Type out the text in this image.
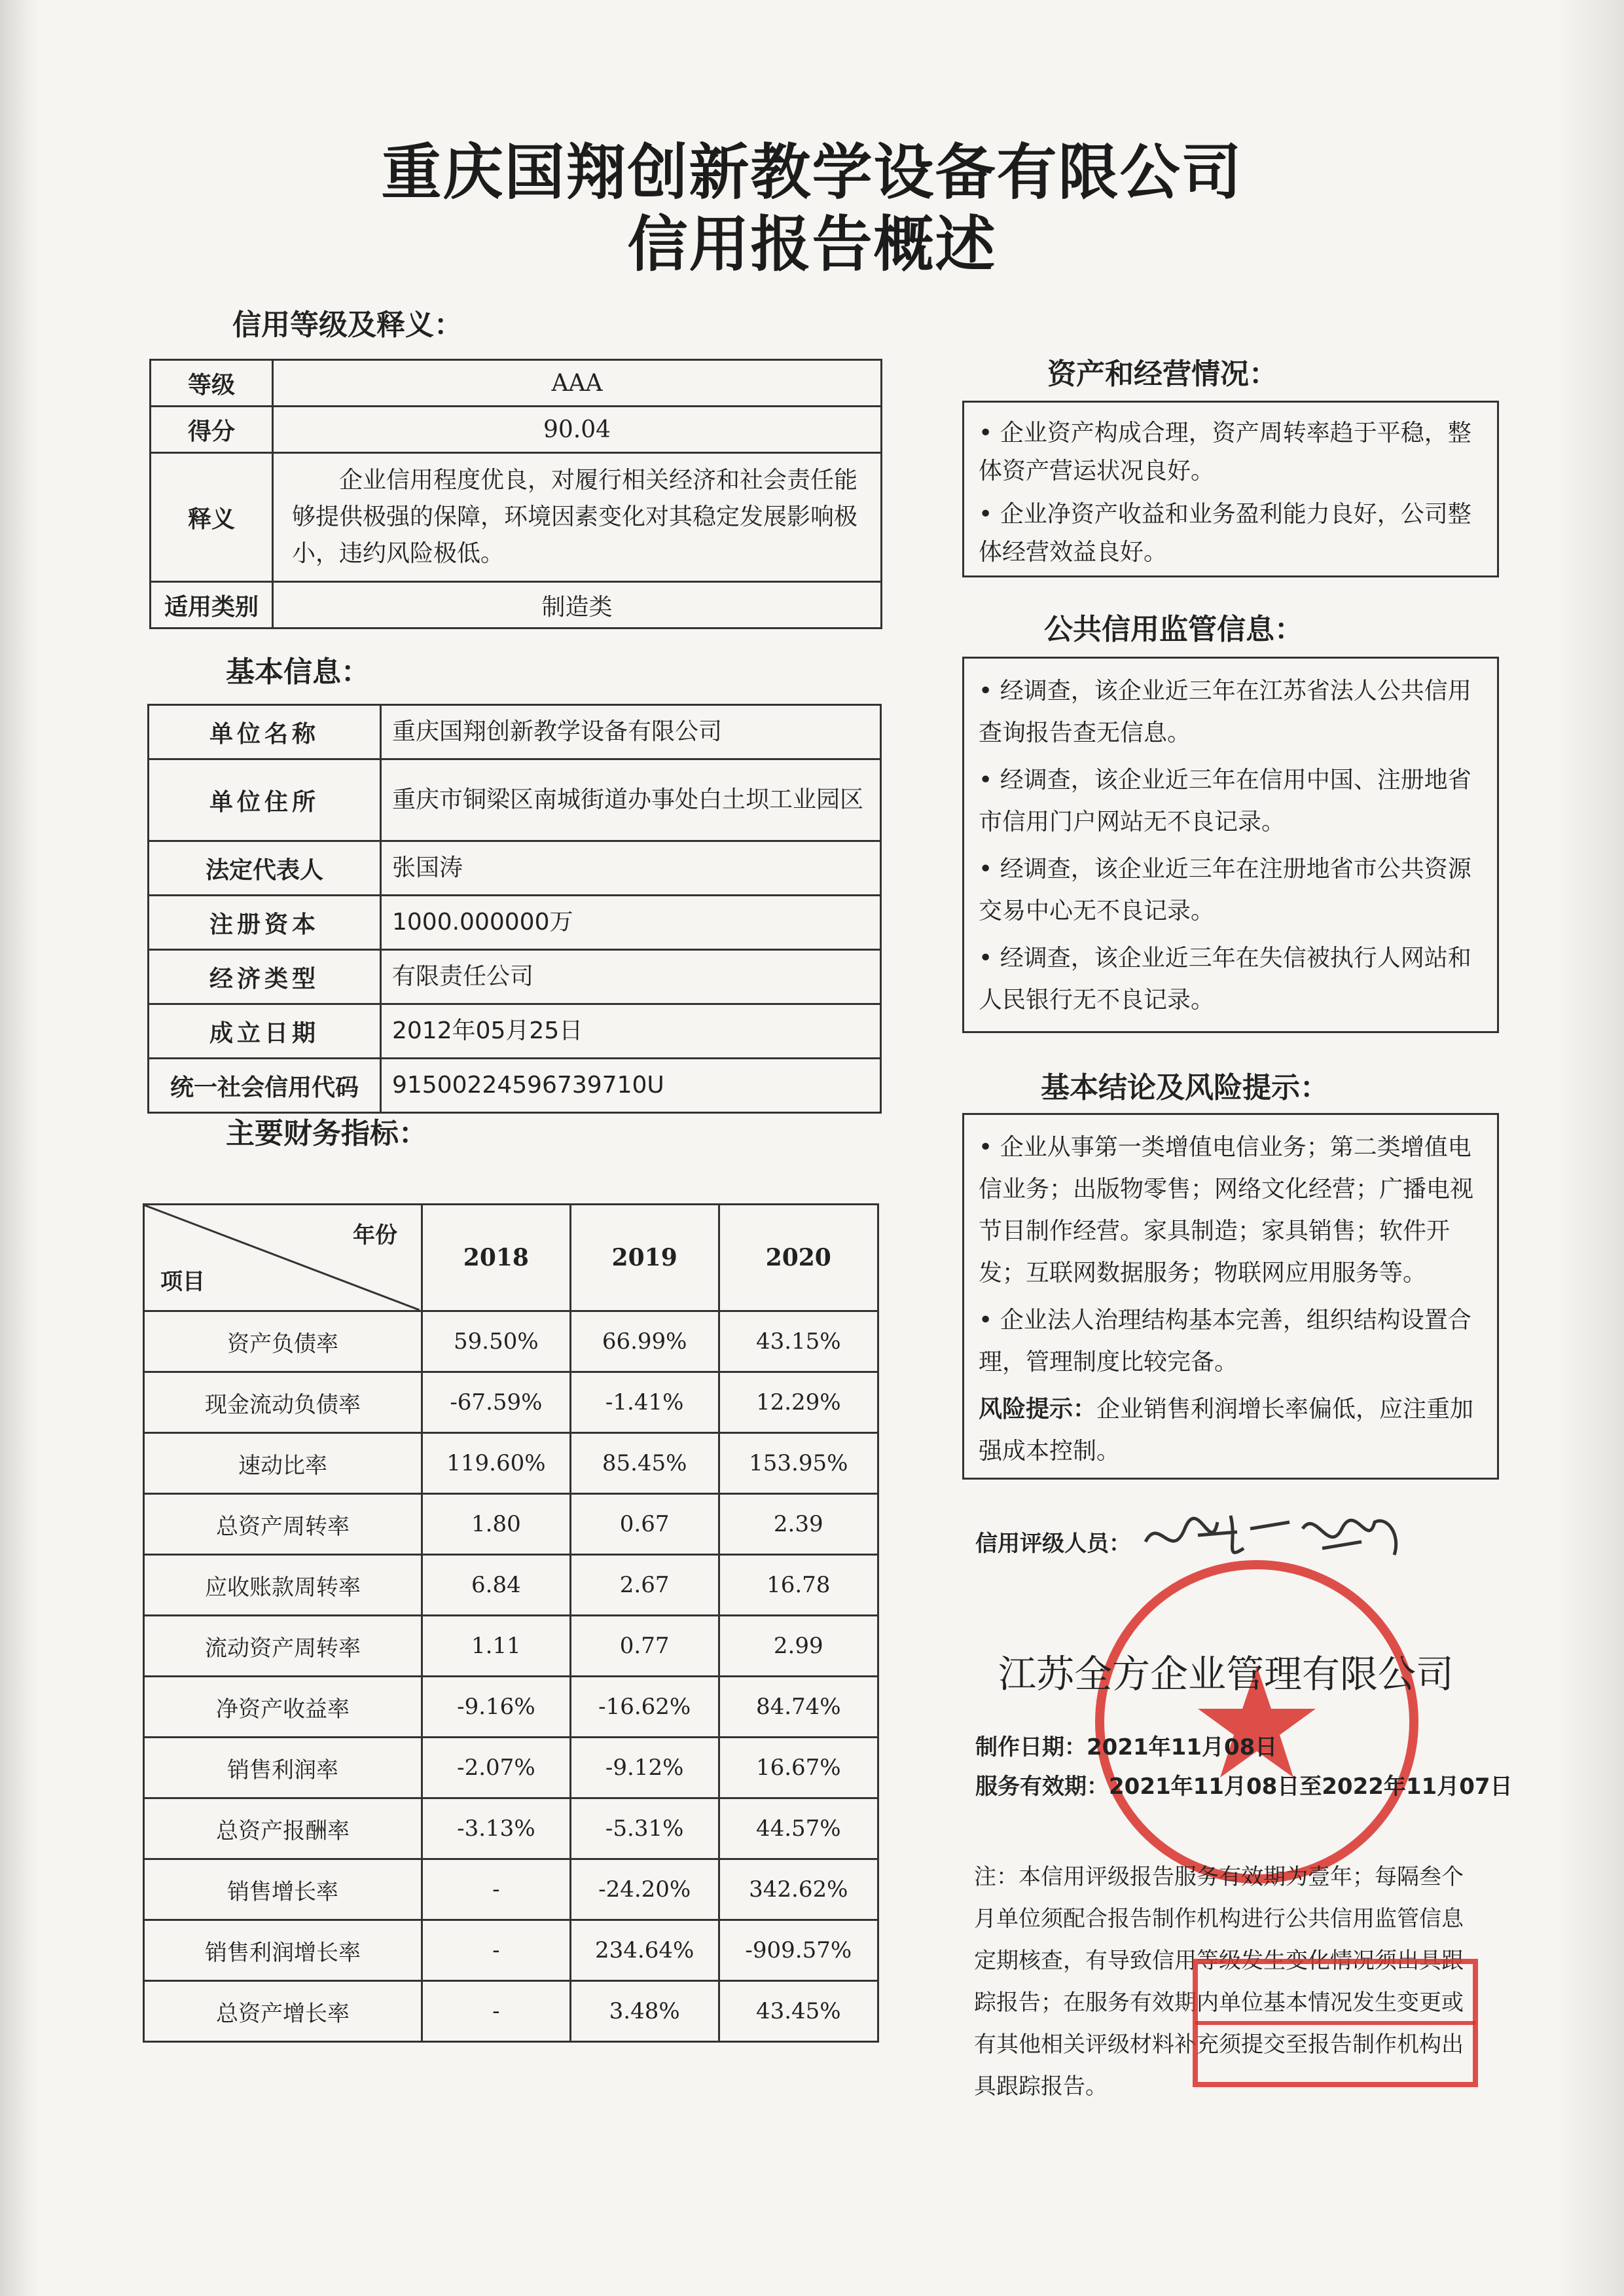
重庆国翔创新教学设备有限公司
信用报告概述
信用等级及释义：
等级	AAA
得分	90.04
释义	企业信用程度优良，对履行相关经济和社会责任能够提供极强的保障，环境因素变化对其稳定发展影响极小，违约风险极低。
适用类别	制造类
基本信息：
单位名称	重庆国翔创新教学设备有限公司
单位住所	重庆市铜梁区南城街道办事处白土坝工业园区
法定代表人	张国涛
注册资本	1000.000000万
经济类型	有限责任公司
成立日期	2012年05月25日
统一社会信用代码	91500224596739710U
主要财务指标：
年份
项目	2018	2019	2020
资产负债率	59.50%	66.99%	43.15%
现金流动负债率	-67.59%	-1.41%	12.29%
速动比率	119.60%	85.45%	153.95%
总资产周转率	1.80	0.67	2.39
应收账款周转率	6.84	2.67	16.78
流动资产周转率	1.11	0.77	2.99
净资产收益率	-9.16%	-16.62%	84.74%
销售利润率	-2.07%	-9.12%	16.67%
总资产报酬率	-3.13%	-5.31%	44.57%
销售增长率	-	-24.20%	342.62%
销售利润增长率	-	234.64%	-909.57%
总资产增长率	-	3.48%	43.45%
资产和经营情况：

• 企业资产构成合理，资产周转率趋于平稳，整体资产营运状况良好。

• 企业净资产收益和业务盈利能力良好，公司整体经营效益良好。

公共信用监管信息：

• 经调查，该企业近三年在江苏省法人公共信用查询报告查无信息。

• 经调查，该企业近三年在信用中国、注册地省市信用门户网站无不良记录。

• 经调查，该企业近三年在注册地省市公共资源交易中心无不良记录。

• 经调查，该企业近三年在失信被执行人网站和人民银行无不良记录。

基本结论及风险提示：

• 企业从事第一类增值电信业务；第二类增值电信业务；出版物零售；网络文化经营；广播电视节目制作经营。家具制造；家具销售；软件开发；互联网数据服务；物联网应用服务等。

• 企业法人治理结构基本完善，组织结构设置合理，管理制度比较完备。

风险提示：企业销售利润增长率偏低，应注重加强成本控制。

信用评级人员：
江苏全方企业管理有限公司
制作日期：2021年11月08日
服务有效期：2021年11月08日至2022年11月07日
注：本信用评级报告服务有效期为壹年；每隔叁个月单位须配合报告制作机构进行公共信用监管信息定期核查，有导致信用等级发生变化情况须出具跟踪报告；在服务有效期内单位基本情况发生变更或有其他相关评级材料补充须提交至报告制作机构出具跟踪报告。
